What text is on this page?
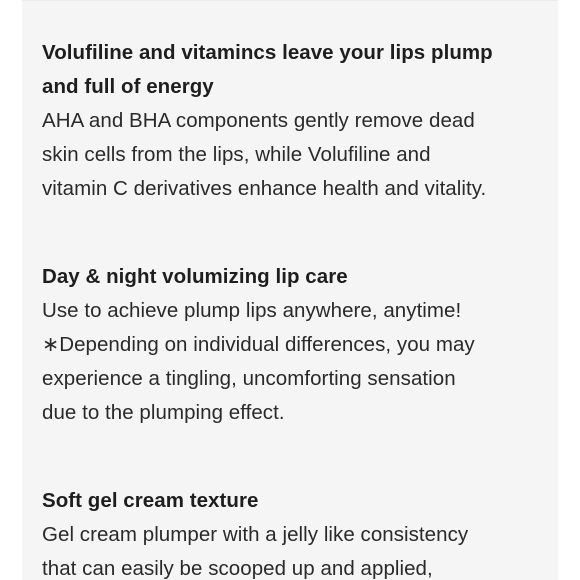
Volufiline and vitamincs leave your lips plump
and full of energy
AHA and BHA components gently remove dead
skin cells from the lips, while Volufiline and
vitamin C derivatives enhance health and vitality.
Day & night volumizing lip care
Use to achieve plump lips anywhere, anytime!
∗Depending on individual differences, you may
experience a tingling, uncomforting sensation
due to the plumping effect.
Soft gel cream texture
Gel cream plumper with a jelly like consistency
that can easily be scooped up and applied,
